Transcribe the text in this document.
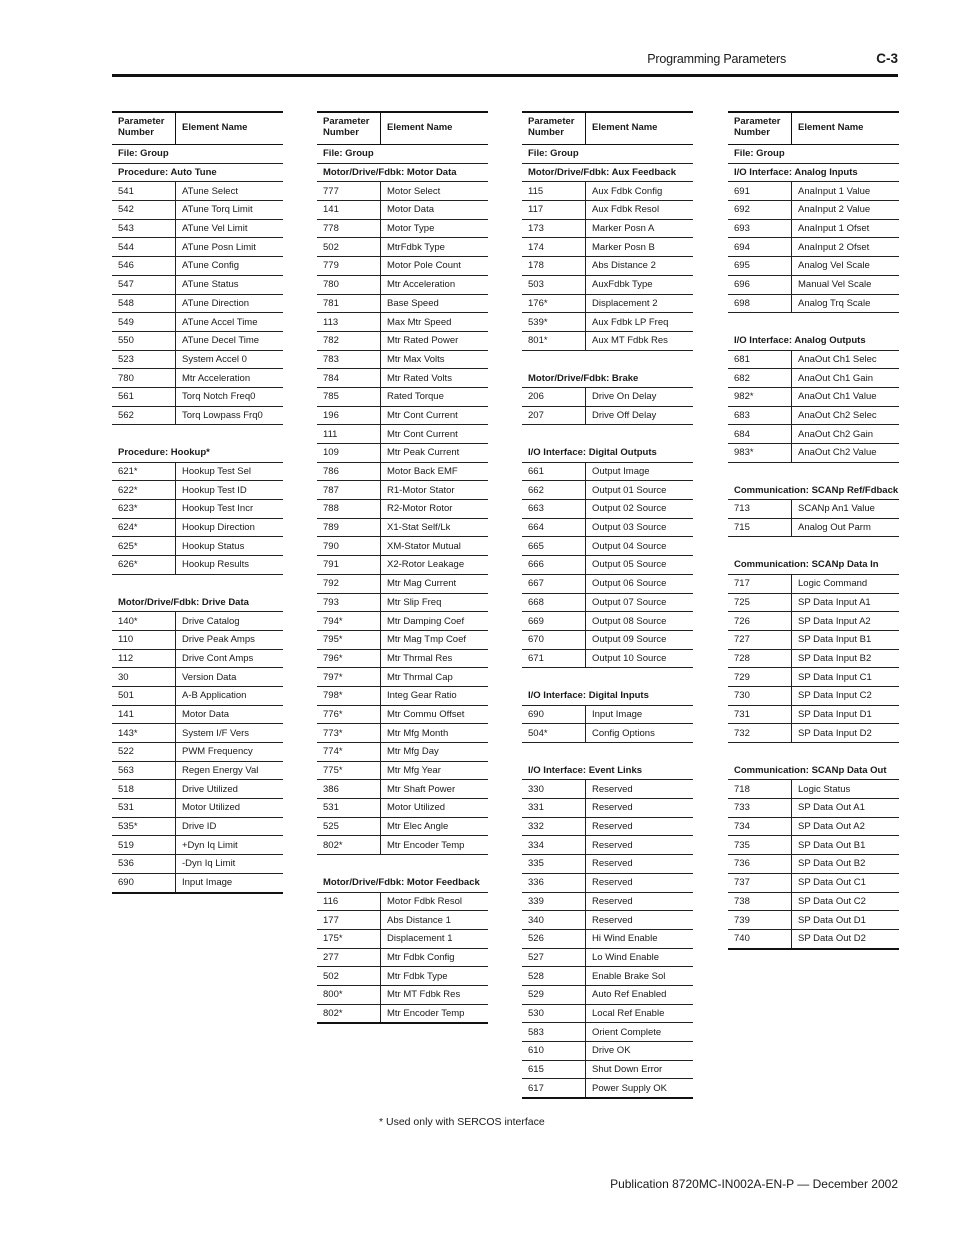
Programming Parameters	C-3
Parameter Number	Element Name
File: Group
Procedure: Auto Tune
541	ATune Select
542	ATune Torq Limit
543	ATune Vel Limit
544	ATune Posn Limit
546	ATune Config
547	ATune Status
548	ATune Direction
549	ATune Accel Time
550	ATune Decel Time
523	System Accel 0
780	Mtr Acceleration
561	Torq Notch Freq0
562	Torq Lowpass Frq0
Procedure: Hookup*
621*	Hookup Test Sel
622*	Hookup Test ID
623*	Hookup Test Incr
624*	Hookup Direction
625*	Hookup Status
626*	Hookup Results
Motor/Drive/Fdbk: Drive Data
140*	Drive Catalog
110	Drive Peak Amps
112	Drive Cont Amps
30	Version Data
501	A-B Application
141	Motor Data
143*	System I/F Vers
522	PWM Frequency
563	Regen Energy Val
518	Drive Utilized
531	Motor Utilized
535*	Drive ID
519	+Dyn Iq Limit
536	-Dyn Iq Limit
690	Input Image
Parameter Number	Element Name
File: Group
Motor/Drive/Fdbk: Motor Data
777	Motor Select
141	Motor Data
778	Motor Type
502	MtrFdbk Type
779	Motor Pole Count
780	Mtr Acceleration
781	Base Speed
113	Max Mtr Speed
782	Mtr Rated Power
783	Mtr Max Volts
784	Mtr Rated Volts
785	Rated Torque
196	Mtr Cont Current
111	Mtr Cont Current
109	Mtr Peak Current
786	Motor Back EMF
787	R1-Motor Stator
788	R2-Motor Rotor
789	X1-Stat Self/Lk
790	XM-Stator Mutual
791	X2-Rotor Leakage
792	Mtr Mag Current
793	Mtr Slip Freq
794*	Mtr Damping Coef
795*	Mtr Mag Tmp Coef
796*	Mtr Thrmal Res
797*	Mtr Thrmal Cap
798*	Integ Gear Ratio
776*	Mtr Commu Offset
773*	Mtr Mfg Month
774*	Mtr Mfg Day
775*	Mtr Mfg Year
386	Mtr Shaft Power
531	Motor Utilized
525	Mtr Elec Angle
802*	Mtr Encoder Temp
Motor/Drive/Fdbk: Motor Feedback
116	Motor Fdbk Resol
177	Abs Distance 1
175*	Displacement 1
277	Mtr Fdbk Config
502	Mtr Fdbk Type
800*	Mtr MT Fdbk Res
802*	Mtr Encoder Temp
Parameter Number	Element Name
File: Group
Motor/Drive/Fdbk: Aux Feedback
115	Aux Fdbk Config
117	Aux Fdbk Resol
173	Marker Posn A
174	Marker Posn B
178	Abs Distance 2
503	AuxFdbk Type
176*	Displacement 2
539*	Aux Fdbk LP Freq
801*	Aux MT Fdbk Res
Motor/Drive/Fdbk: Brake
206	Drive On Delay
207	Drive Off Delay
I/O Interface: Digital Outputs
661	Output Image
662	Output 01 Source
663	Output 02 Source
664	Output 03 Source
665	Output 04 Source
666	Output 05 Source
667	Output 06 Source
668	Output 07 Source
669	Output 08 Source
670	Output 09 Source
671	Output 10 Source
I/O Interface: Digital Inputs
690	Input Image
504*	Config Options
I/O Interface: Event Links
330	Reserved
331	Reserved
332	Reserved
334	Reserved
335	Reserved
336	Reserved
339	Reserved
340	Reserved
526	Hi Wind Enable
527	Lo Wind Enable
528	Enable Brake Sol
529	Auto Ref Enabled
530	Local Ref Enable
583	Orient Complete
610	Drive OK
615	Shut Down Error
617	Power Supply OK
Parameter Number	Element Name
File: Group
I/O Interface: Analog Inputs
691	AnaInput 1 Value
692	AnaInput 2 Value
693	AnaInput 1 Ofset
694	AnaInput 2 Ofset
695	Analog Vel Scale
696	Manual Vel Scale
698	Analog Trq Scale
I/O Interface: Analog Outputs
681	AnaOut Ch1 Selec
682	AnaOut Ch1 Gain
982*	AnaOut Ch1 Value
683	AnaOut Ch2 Selec
684	AnaOut Ch2 Gain
983*	AnaOut Ch2 Value
Communication: SCANp Ref/Fdback
713	SCANp An1 Value
715	Analog Out Parm
Communication: SCANp Data In
717	Logic Command
725	SP Data Input A1
726	SP Data Input A2
727	SP Data Input B1
728	SP Data Input B2
729	SP Data Input C1
730	SP Data Input C2
731	SP Data Input D1
732	SP Data Input D2
Communication: SCANp Data Out
718	Logic Status
733	SP Data Out A1
734	SP Data Out A2
735	SP Data Out B1
736	SP Data Out B2
737	SP Data Out C1
738	SP Data Out C2
739	SP Data Out D1
740	SP Data Out D2
* Used only with SERCOS interface
Publication 8720MC-IN002A-EN-P — December 2002
